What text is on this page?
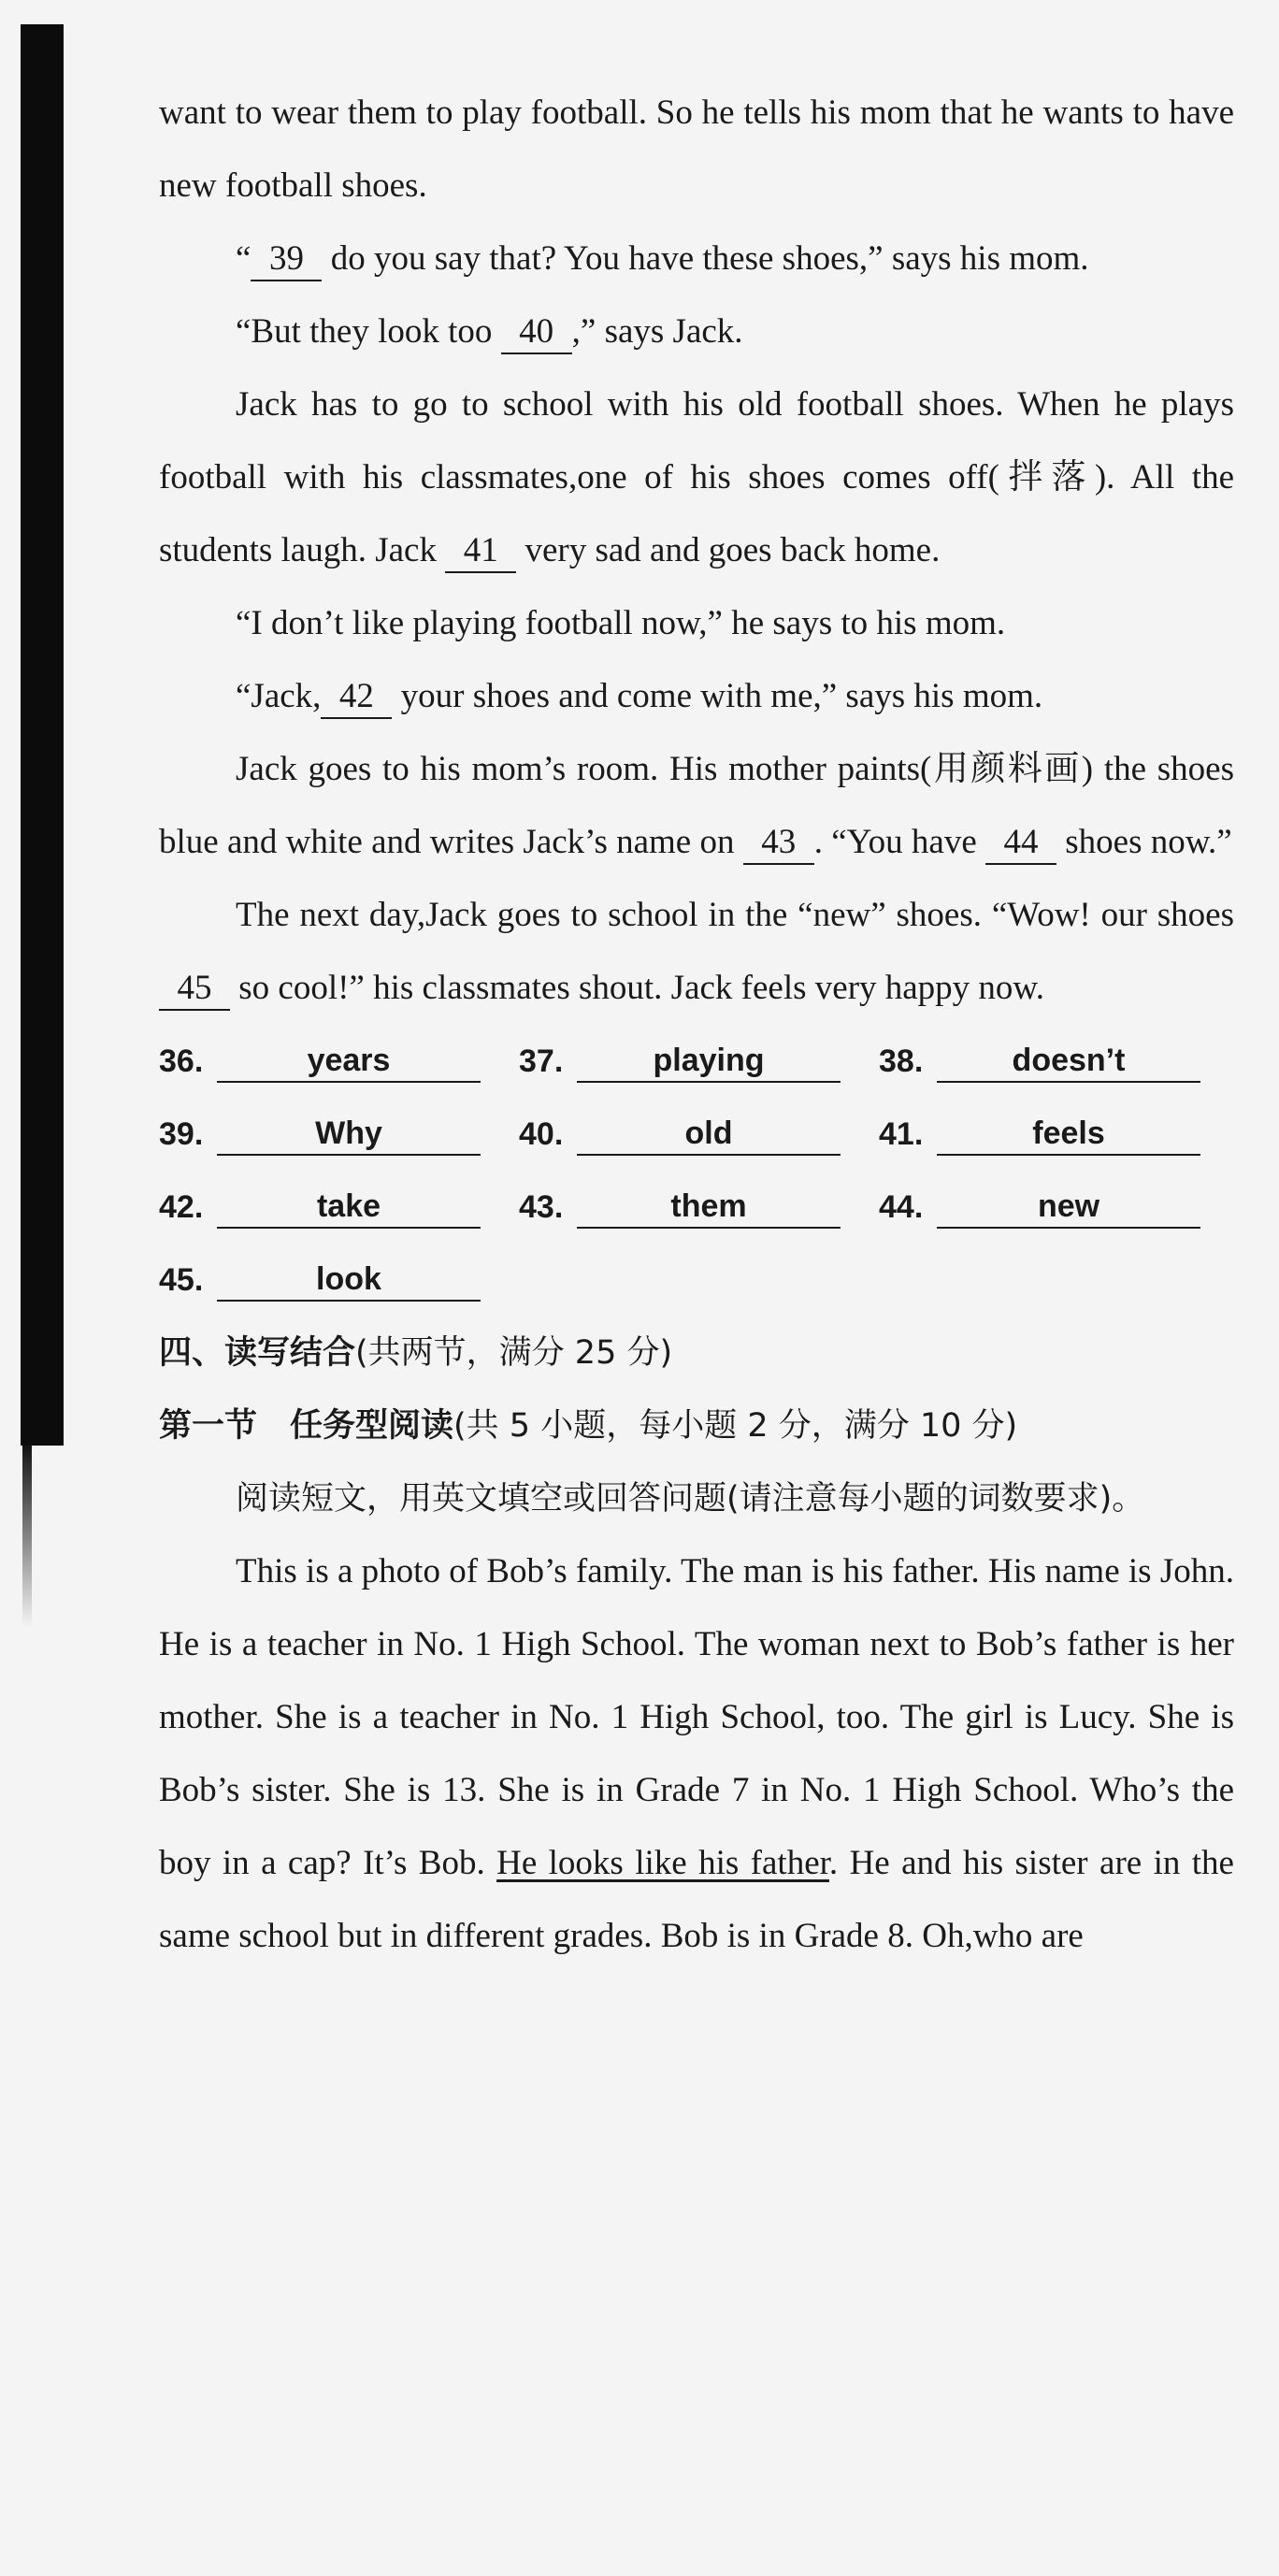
want to wear them to play football. So he tells his mom that he wants to have new football shoes.

“ 39 do you say that? You have these shoes,” says his mom.

“But they look too 40 ,” says Jack.

Jack has to go to school with his old football shoes. When he plays football with his classmates,one of his shoes comes off(拌落). All the students laugh. Jack 41 very sad and goes back home.

“I don’t like playing football now,” he says to his mom.

“Jack, 42 your shoes and come with me,” says his mom.

Jack goes to his mom’s room. His mother paints(用颜料画) the shoes blue and white and writes Jack’s name on 43 . “You have 44 shoes now.”

The next day,Jack goes to school in the “new” shoes. “Wow! our shoes 45 so cool!” his classmates shout. Jack feels very happy now.

36.	years	37.	playing	38.	doesn’t
39.	Why	40.	old	41.	feels
42.	take	43.	them	44.	new
45.	look

四、读写结合(共两节，满分 25 分)

第一节　任务型阅读(共 5 小题，每小题 2 分，满分 10 分)

阅读短文，用英文填空或回答问题(请注意每小题的词数要求)。

This is a photo of Bob’s family. The man is his father. His name is John. He is a teacher in No. 1 High School. The woman next to Bob’s father is her mother. She is a teacher in No. 1 High School, too. The girl is Lucy. She is Bob’s sister. She is 13. She is in Grade 7 in No. 1 High School. Who’s the boy in a cap? It’s Bob. He looks like his father. He and his sister are in the same school but in different grades. Bob is in Grade 8. Oh,who are
